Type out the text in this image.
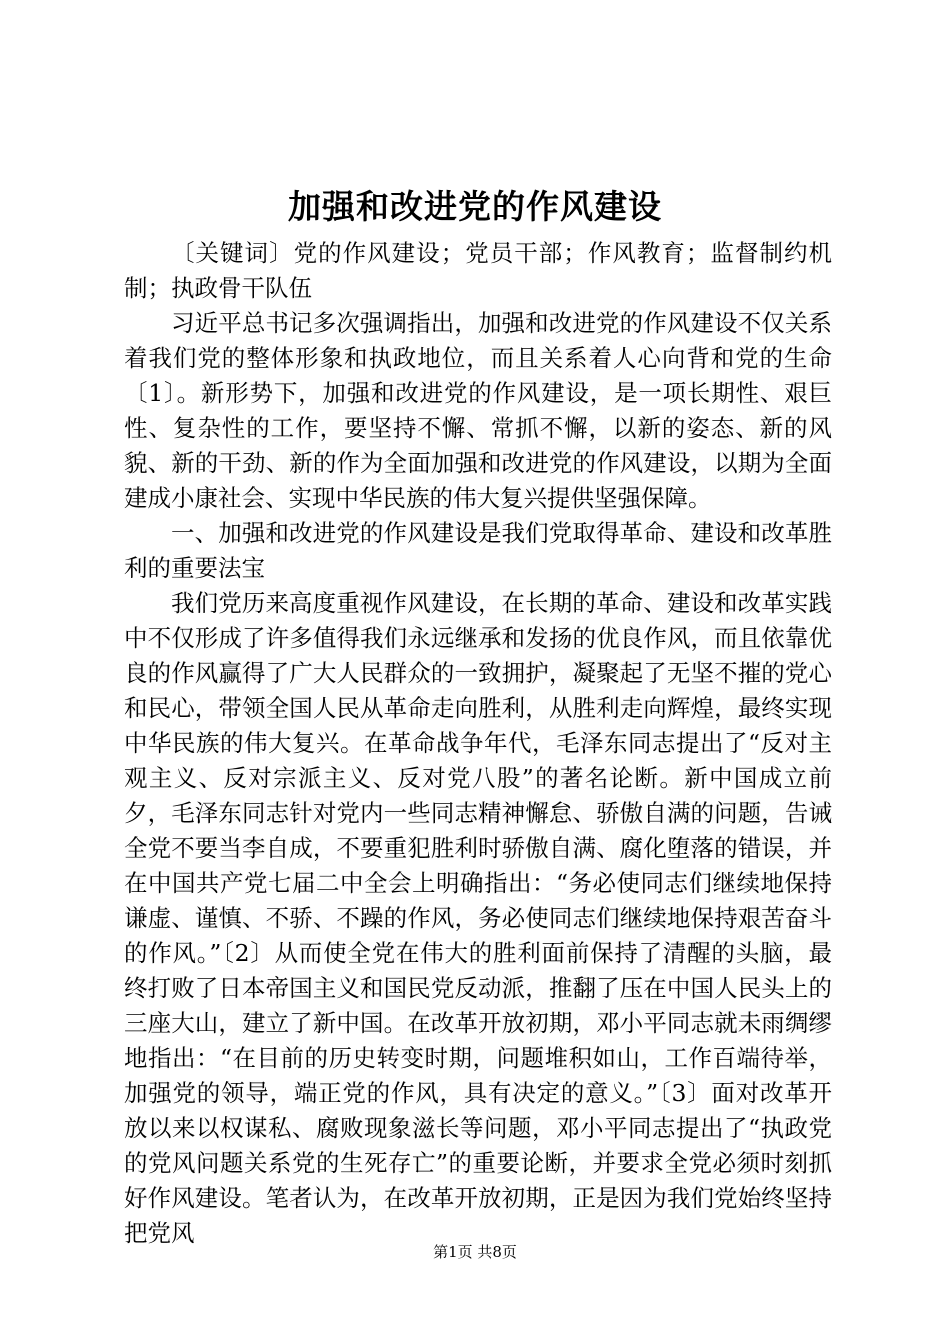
加强和改进党的作风建设

〔关键词〕党的作风建设；党员干部；作风教育；监督制约机制；执政骨干队伍

习近平总书记多次强调指出，加强和改进党的作风建设不仅关系着我们党的整体形象和执政地位，而且关系着人心向背和党的生命〔1〕。新形势下，加强和改进党的作风建设，是一项长期性、艰巨性、复杂性的工作，要坚持不懈、常抓不懈，以新的姿态、新的风貌、新的干劲、新的作为全面加强和改进党的作风建设，以期为全面建成小康社会、实现中华民族的伟大复兴提供坚强保障。

一、加强和改进党的作风建设是我们党取得革命、建设和改革胜利的重要法宝

我们党历来高度重视作风建设，在长期的革命、建设和改革实践中不仅形成了许多值得我们永远继承和发扬的优良作风，而且依靠优良的作风赢得了广大人民群众的一致拥护，凝聚起了无坚不摧的党心和民心，带领全国人民从革命走向胜利，从胜利走向辉煌，最终实现中华民族的伟大复兴。在革命战争年代，毛泽东同志提出了“反对主观主义、反对宗派主义、反对党八股”的著名论断。新中国成立前夕，毛泽东同志针对党内一些同志精神懈怠、骄傲自满的问题，告诫全党不要当李自成，不要重犯胜利时骄傲自满、腐化堕落的错误，并在中国共产党七届二中全会上明确指出：“务必使同志们继续地保持谦虚、谨慎、不骄、不躁的作风，务必使同志们继续地保持艰苦奋斗的作风。”〔2〕从而使全党在伟大的胜利面前保持了清醒的头脑，最终打败了日本帝国主义和国民党反动派，推翻了压在中国人民头上的三座大山，建立了新中国。在改革开放初期，邓小平同志就未雨绸缪地指出：“在目前的历史转变时期，问题堆积如山，工作百端待举，加强党的领导，端正党的作风，具有决定的意义。”〔3〕面对改革开放以来以权谋私、腐败现象滋长等问题，邓小平同志提出了“执政党的党风问题关系党的生死存亡”的重要论断，并要求全党必须时刻抓好作风建设。笔者认为，在改革开放初期，正是因为我们党始终坚持把党风

第1页 共8页
